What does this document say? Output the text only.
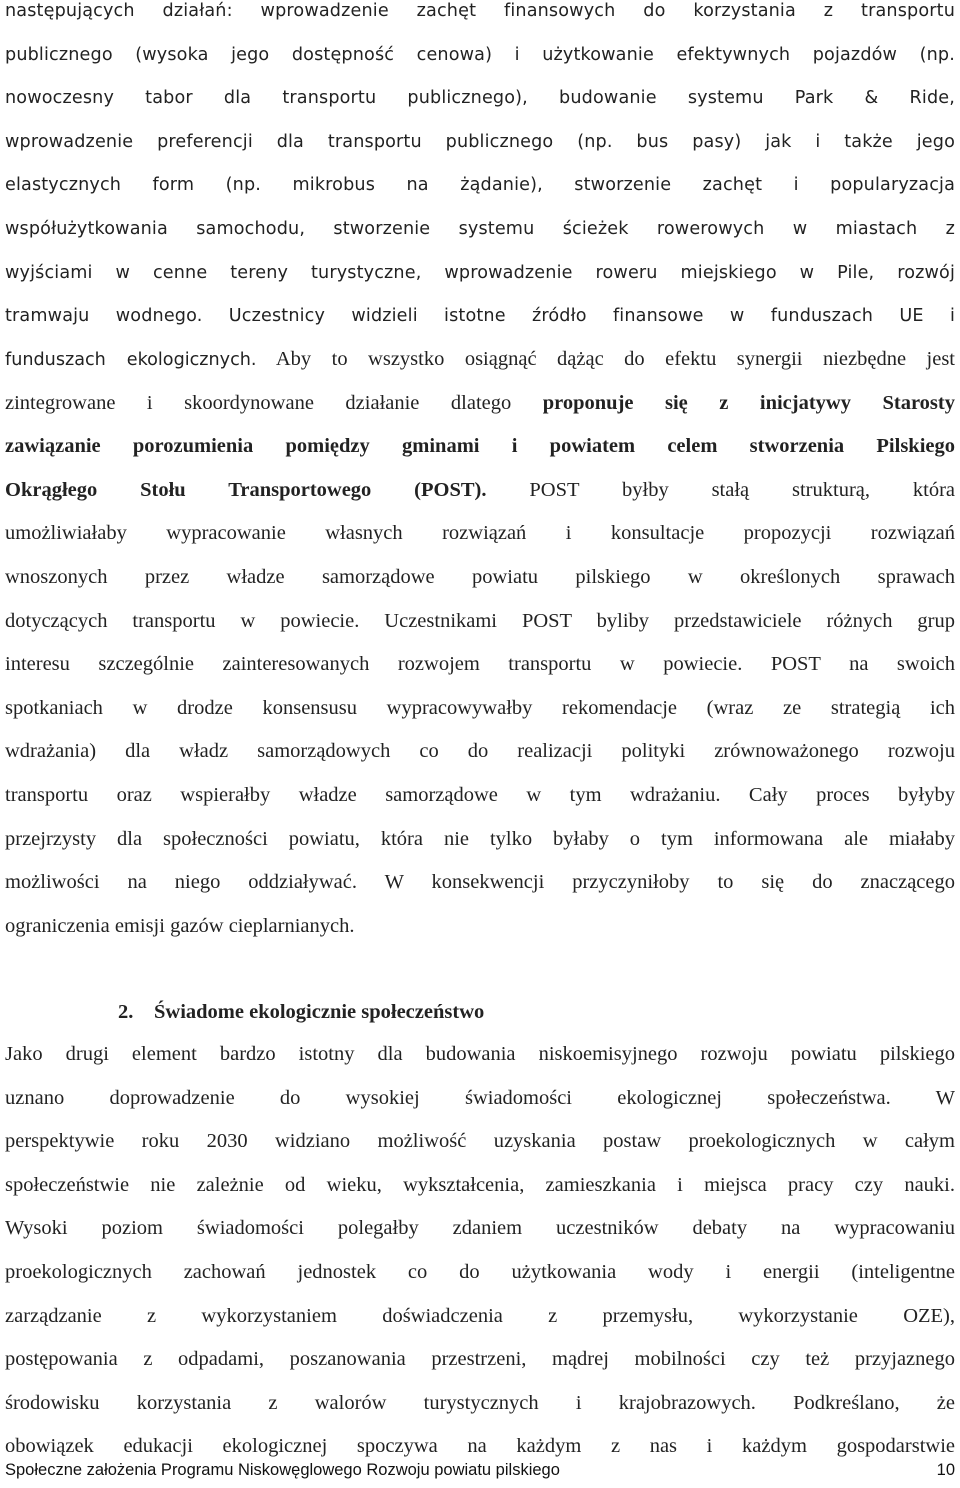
następujących działań: wprowadzenie zachęt finansowych do korzystania z transportu
publicznego (wysoka jego dostępność cenowa) i użytkowanie efektywnych pojazdów (np.
nowoczesny tabor dla transportu publicznego), budowanie systemu Park & Ride,
wprowadzenie preferencji dla transportu publicznego (np. bus pasy) jak i także jego
elastycznych form (np. mikrobus na żądanie), stworzenie zachęt i popularyzacja
współużytkowania samochodu, stworzenie systemu ścieżek rowerowych w miastach z
wyjściami w cenne tereny turystyczne, wprowadzenie roweru miejskiego w Pile, rozwój
tramwaju wodnego. Uczestnicy widzieli istotne źródło finansowe w funduszach UE i
funduszach ekologicznych. Aby to wszystko osiągnąć dążąc do efektu synergii niezbędne jest
zintegrowane i skoordynowane działanie dlatego proponuje się z inicjatywy Starosty
zawiązanie porozumienia pomiędzy gminami i powiatem celem stworzenia Pilskiego
Okrągłego Stołu Transportowego (POST). POST byłby stałą strukturą, która
umożliwiałaby wypracowanie własnych rozwiązań i konsultacje propozycji rozwiązań
wnoszonych przez władze samorządowe powiatu pilskiego w określonych sprawach
dotyczących transportu w powiecie. Uczestnikami POST byliby przedstawiciele różnych grup
interesu szczególnie zainteresowanych rozwojem transportu w powiecie. POST na swoich
spotkaniach w drodze konsensusu wypracowywałby rekomendacje (wraz ze strategią ich
wdrażania) dla władz samorządowych co do realizacji polityki zrównoważonego rozwoju
transportu oraz wspierałby władze samorządowe w tym wdrażaniu. Cały proces byłyby
przejrzysty dla społeczności powiatu, która nie tylko byłaby o tym informowana ale miałaby
możliwości na niego oddziaływać. W konsekwencji przyczyniłoby to się do znaczącego
ograniczenia emisji gazów cieplarnianych.
2. Świadome ekologicznie społeczeństwo
Jako drugi element bardzo istotny dla budowania niskoemisyjnego rozwoju powiatu pilskiego
uznano doprowadzenie do wysokiej świadomości ekologicznej społeczeństwa. W
perspektywie roku 2030 widziano możliwość uzyskania postaw proekologicznych w całym
społeczeństwie nie zależnie od wieku, wykształcenia, zamieszkania i miejsca pracy czy nauki.
Wysoki poziom świadomości polegałby zdaniem uczestników debaty na wypracowaniu
proekologicznych zachowań jednostek co do użytkowania wody i energii (inteligentne
zarządzanie z wykorzystaniem doświadczenia z przemysłu, wykorzystanie OZE),
postępowania z odpadami, poszanowania przestrzeni, mądrej mobilności czy też przyjaznego
środowisku korzystania z walorów turystycznych i krajobrazowych. Podkreślano, że
obowiązek edukacji ekologicznej spoczywa na każdym z nas i każdym gospodarstwie
Społeczne założenia Programu Niskowęglowego Rozwoju powiatu pilskiego	10
